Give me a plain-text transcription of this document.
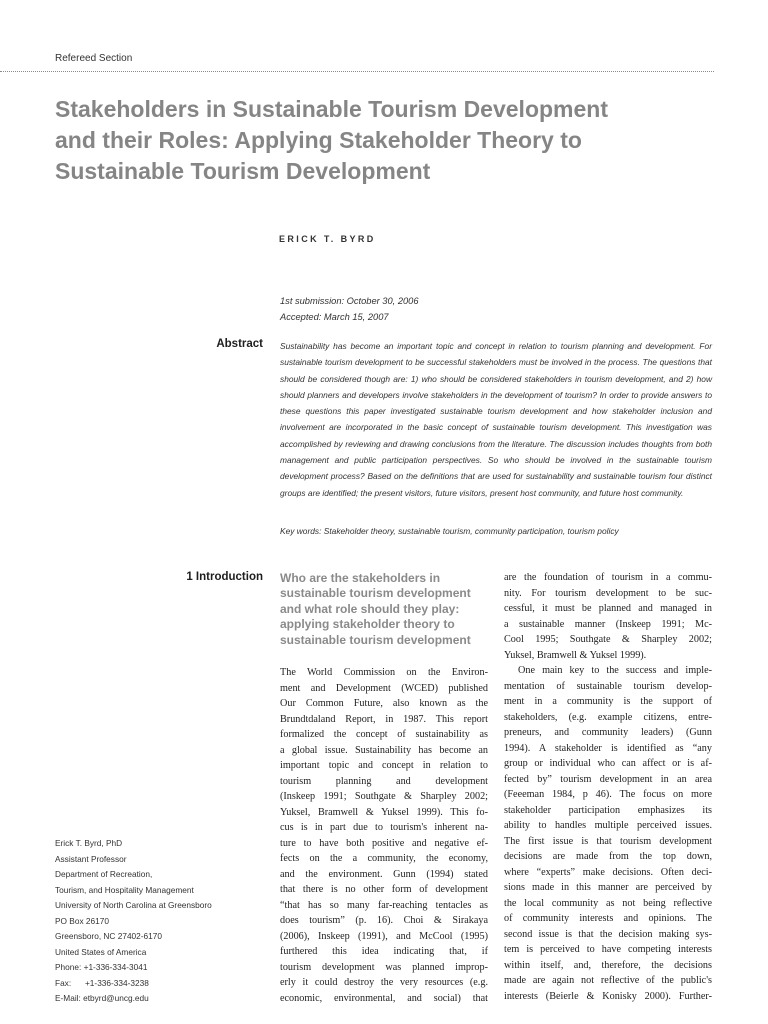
Refereed Section
Stakeholders in Sustainable Tourism Development
and their Roles: Applying Stakeholder Theory to
Sustainable Tourism Development
ERICK T. BYRD
1st submission: October 30, 2006
Accepted: March 15, 2007
Abstract Sustainability has become an important topic and concept in relation to tourism planning and development. For sustainable tourism development to be successful stakeholders must be involved in the process. The questions that should be considered though are: 1) who should be considered stakeholders in tourism development, and 2) how should planners and developers involve stakeholders in the development of tourism? In order to provide answers to these questions this paper investigated sustainable tourism development and how stakeholder inclusion and involvement are incorporated in the basic concept of sustainable tourism development. This investigation was accomplished by reviewing and drawing conclusions from the literature. The discussion includes thoughts from both management and public participation perspectives. So who should be involved in the sustainable tourism development process? Based on the definitions that are used for sustainability and sustainable tourism four distinct groups are identified; the present visitors, future visitors, present host community, and future host community.
Key words: Stakeholder theory, sustainable tourism, community participation, tourism policy
1 Introduction Who are the stakeholders in
sustainable tourism development
and what role should they play:
applying stakeholder theory to
sustainable tourism development
The World Commission on the Environ-
ment and Development (WCED) published
Our Common Future, also known as the
Brundtdaland Report, in 1987. This report
formalized the concept of sustainability as
a global issue. Sustainability has become an
important topic and concept in relation to
tourism planning and development
(Inskeep 1991; Southgate & Sharpley 2002;
Yuksel, Bramwell & Yuksel 1999). This fo-
cus is in part due to tourism's inherent na-
ture to have both positive and negative ef-
fects on the a community, the economy,
and the environment. Gunn (1994) stated
that there is no other form of development
“that has so many far-reaching tentacles as
does tourism” (p. 16). Choi & Sirakaya
(2006), Inskeep (1991), and McCool (1995)
furthered this idea indicating that, if
tourism development was planned improp-
erly it could destroy the very resources (e.g.
economic, environmental, and social) that
are the foundation of tourism in a commu-
nity. For tourism development to be suc-
cessful, it must be planned and managed in
a sustainable manner (Inskeep 1991; Mc-
Cool 1995; Southgate & Sharpley 2002;
Yuksel, Bramwell & Yuksel 1999).
One main key to the success and imple-
mentation of sustainable tourism develop-
ment in a community is the support of
stakeholders, (e.g. example citizens, entre-
preneurs, and community leaders) (Gunn
1994). A stakeholder is identified as “any
group or individual who can affect or is af-
fected by” tourism development in an area
(Feeeman 1984, p 46). The focus on more
stakeholder participation emphasizes its
ability to handles multiple perceived issues.
The first issue is that tourism development
decisions are made from the top down,
where “experts” make decisions. Often deci-
sions made in this manner are perceived by
the local community as not being reflective
of community interests and opinions. The
second issue is that the decision making sys-
tem is perceived to have competing interests
within itself, and, therefore, the decisions
made are again not reflective of the public's
interests (Beierle & Konisky 2000). Further-
Erick T. Byrd, PhD
Assistant Professor
Department of Recreation,
Tourism, and Hospitality Management
University of North Carolina at Greensboro
PO Box 26170
Greensboro, NC 27402-6170
United States of America
Phone: +1-336-334-3041
Fax:      +1-336-334-3238
E-Mail: etbyrd@uncg.edu
